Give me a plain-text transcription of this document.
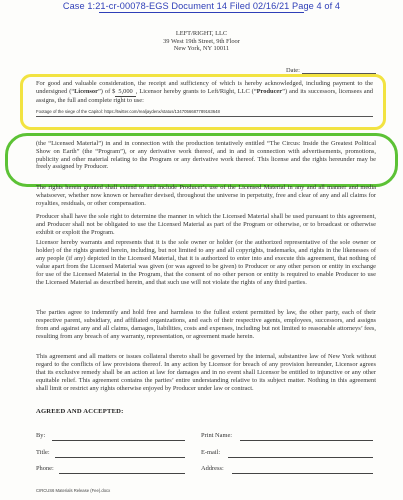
Case 1:21-cr-00078-EGS Document 14 Filed 02/16/21 Page 4 of 4
LEFT/RIGHT, LLC
39 West 19th Street, 9th Floor
New York, NY 10011
Date:
For good and valuable consideration, the receipt and sufficiency of which is hereby acknowledged, including payment to the undersigned (“Licensor”) of $ 5,000 , Licensor hereby grants to Left/Right, LLC (“Producer”) and its successors, licensees and assigns, the full and complete right to use:
Footage of the siege of the Capitol: https://twitter.com/realjaydenx/status/1347056687789163648
(the “Licensed Material”) in and in connection with the production tentatively entitled “The Circus: Inside the Greatest Political Show on Earth” (the “Program”), or any derivative work thereof, and in and in connection with advertisements, promotions, publicity and other material relating to the Program or any derivative work thereof. This license and the rights hereunder may be freely assigned by Producer.
The rights herein granted shall extend to and include Producer’s use of the Licensed Material in any and all manner and media whatsoever, whether now known or hereafter devised, throughout the universe in perpetuity, free and clear of any and all claims for royalties, residuals, or other compensation.
Producer shall have the sole right to determine the manner in which the Licensed Material shall be used pursuant to this agreement, and Producer shall not be obligated to use the Licensed Material as part of the Program or otherwise, or to broadcast or otherwise exhibit or exploit the Program.
Licensor hereby warrants and represents that it is the sole owner or holder (or the authorized representative of the sole owner or holder) of the rights granted herein, including, but not limited to any and all copyrights, trademarks, and rights in the likenesses of any people (if any) depicted in the Licensed Material, that it is authorized to enter into and execute this agreement, that nothing of value apart from the Licensed Material was given (or was agreed to be given) to Producer or any other person or entity in exchange for use of the Licensed Material in the Program, that the consent of no other person or entity is required to enable Producer to use the Licensed Material as described herein, and that such use will not violate the rights of any third parties.
The parties agree to indemnify and hold free and harmless to the fullest extent permitted by law, the other party, each of their respective parent, subsidiary, and affiliated organizations, and each of their respective agents, employees, successors, and assigns from and against any and all claims, damages, liabilities, costs and expenses, including but not limited to reasonable attorneys’ fees, resulting from any breach of any warranty, representation, or agreement made herein.
This agreement and all matters or issues collateral thereto shall be governed by the internal, substantive law of New York without regard to the conflicts of law provisions thereof. In any action by Licensor for breach of any provision hereunder, Licensor agrees that its exclusive remedy shall be an action at law for damages and in no event shall Licensor be entitled to injunctive or any other equitable relief. This agreement contains the parties’ entire understanding relative to its subject matter. Nothing in this agreement shall limit or restrict any rights otherwise enjoyed by Producer under law or contract.
AGREED AND ACCEPTED:
By:	Print Name:
Title:	E-mail:
Phone:	Address:
CIRCUS6 Materials Release (Fee).docx
